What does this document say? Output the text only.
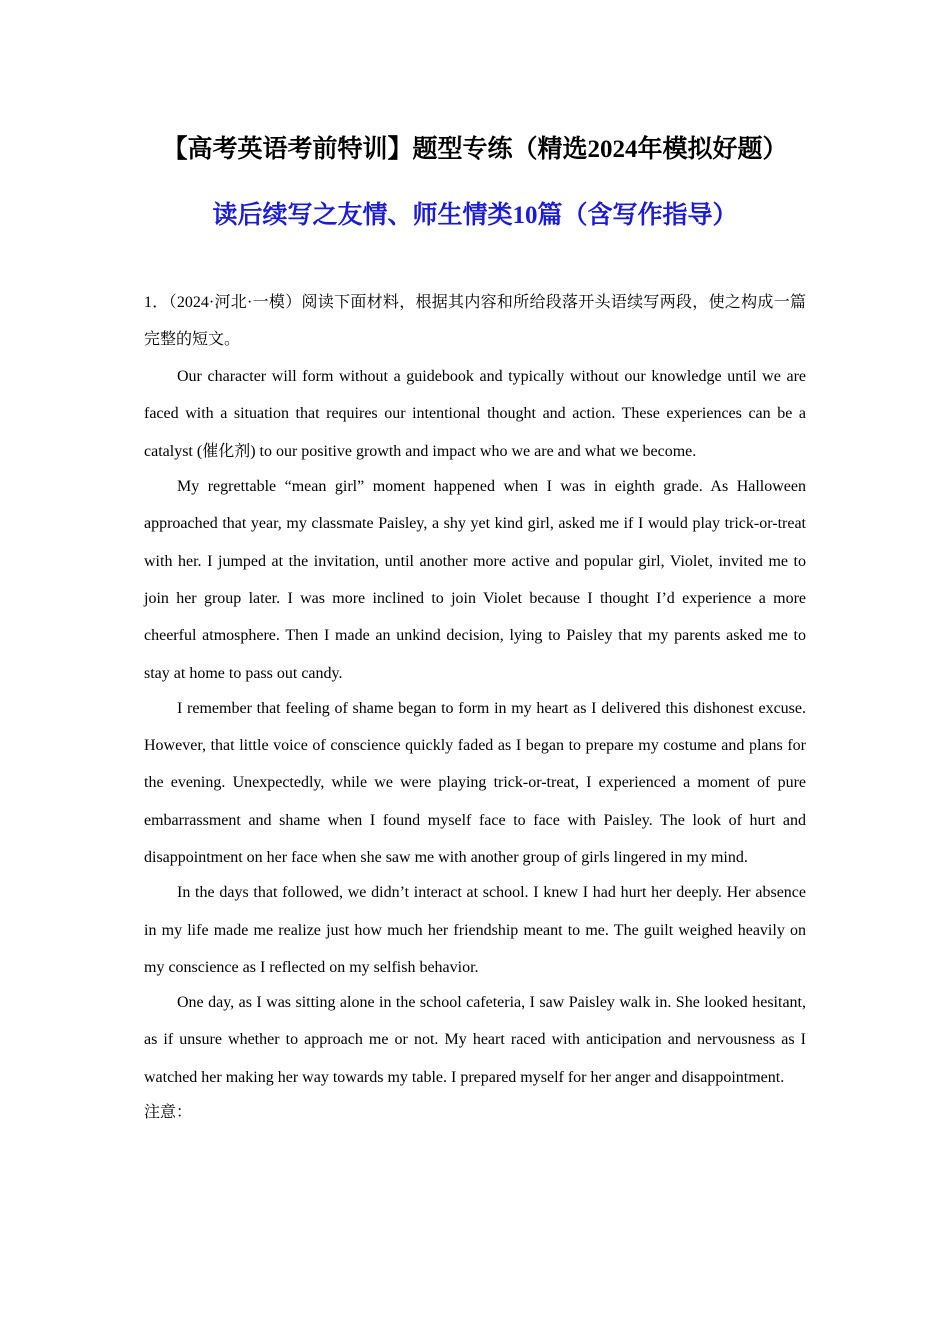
【高考英语考前特训】题型专练（精选2024年模拟好题）
读后续写之友情、师生情类10篇（含写作指导）

1．（2024·河北·一模）阅读下面材料，根据其内容和所给段落开头语续写两段，使之构成一篇完整的短文。

Our character will form without a guidebook and typically without our knowledge until we are faced with a situation that requires our intentional thought and action. These experiences can be a catalyst (催化剂) to our positive growth and impact who we are and what we become.

My regrettable “mean girl” moment happened when I was in eighth grade. As Halloween approached that year, my classmate Paisley, a shy yet kind girl, asked me if I would play trick-or-treat with her. I jumped at the invitation, until another more active and popular girl, Violet, invited me to join her group later. I was more inclined to join Violet because I thought I’d experience a more cheerful atmosphere. Then I made an unkind decision, lying to Paisley that my parents asked me to stay at home to pass out candy.

I remember that feeling of shame began to form in my heart as I delivered this dishonest excuse. However, that little voice of conscience quickly faded as I began to prepare my costume and plans for the evening. Unexpectedly, while we were playing trick-or-treat, I experienced a moment of pure embarrassment and shame when I found myself face to face with Paisley. The look of hurt and disappointment on her face when she saw me with another group of girls lingered in my mind.

In the days that followed, we didn’t interact at school. I knew I had hurt her deeply. Her absence in my life made me realize just how much her friendship meant to me. The guilt weighed heavily on my conscience as I reflected on my selfish behavior.

One day, as I was sitting alone in the school cafeteria, I saw Paisley walk in. She looked hesitant, as if unsure whether to approach me or not. My heart raced with anticipation and nervousness as I watched her making her way towards my table. I prepared myself for her anger and disappointment.

注意：
